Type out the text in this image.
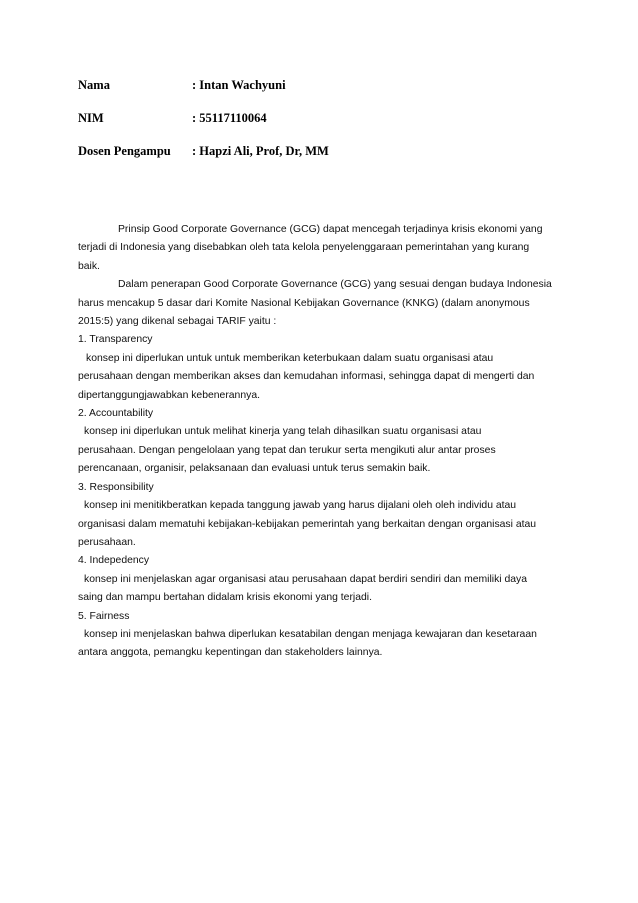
Nama	: Intan Wachyuni
NIM	: 55117110064
Dosen Pengampu	: Hapzi Ali, Prof, Dr, MM
Prinsip Good Corporate Governance (GCG) dapat mencegah terjadinya krisis ekonomi yang
terjadi di Indonesia yang disebabkan oleh tata kelola penyelenggaraan pemerintahan yang kurang
baik.
Dalam penerapan Good Corporate Governance (GCG) yang sesuai dengan budaya Indonesia
harus mencakup 5 dasar dari Komite Nasional Kebijakan Governance (KNKG) (dalam anonymous
2015:5) yang dikenal sebagai TARIF yaitu :
1. Transparency
konsep ini diperlukan untuk untuk memberikan keterbukaan dalam suatu organisasi atau
perusahaan dengan memberikan akses dan kemudahan informasi, sehingga dapat di mengerti dan
dipertanggungjawabkan kebenerannya.
2. Accountability
konsep ini diperlukan untuk melihat kinerja yang telah dihasilkan suatu organisasi atau
perusahaan. Dengan pengelolaan yang tepat dan terukur serta mengikuti alur antar proses
perencanaan, organisir, pelaksanaan dan evaluasi untuk terus semakin baik.
3. Responsibility
konsep ini menitikberatkan kepada tanggung jawab yang harus dijalani oleh oleh individu atau
organisasi dalam mematuhi kebijakan-kebijakan pemerintah yang berkaitan dengan organisasi atau
perusahaan.
4. Indepedency
konsep ini menjelaskan agar organisasi atau perusahaan dapat berdiri sendiri dan memiliki daya
saing dan mampu bertahan didalam krisis ekonomi yang terjadi.
5. Fairness
konsep ini menjelaskan bahwa diperlukan kesatabilan dengan menjaga kewajaran dan kesetaraan
antara anggota, pemangku kepentingan dan stakeholders lainnya.
